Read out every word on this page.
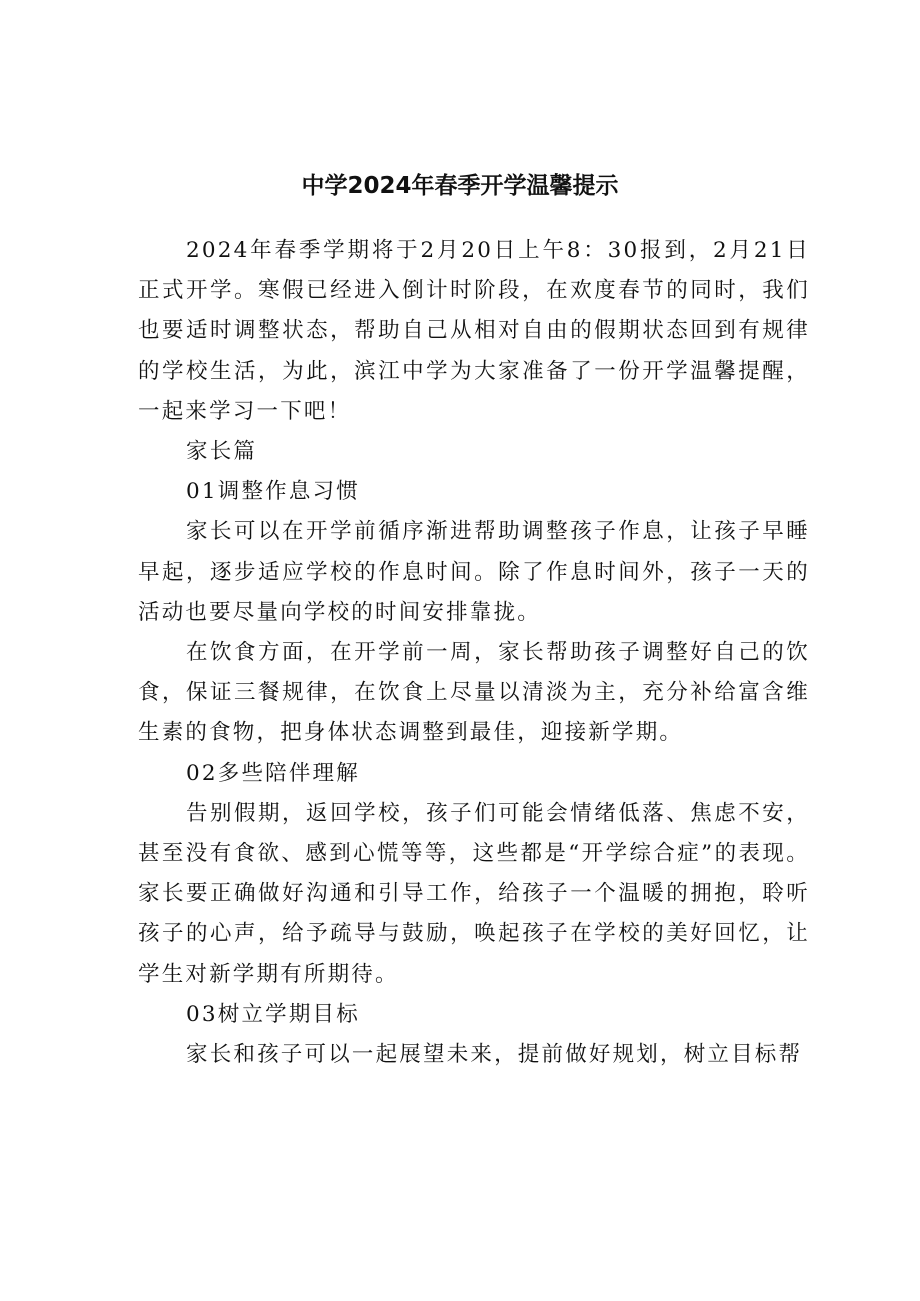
中学2024年春季开学温馨提示

2024年春季学期将于2月20日上午8：30报到，2月21日正式开学。寒假已经进入倒计时阶段，在欢度春节的同时，我们也要适时调整状态，帮助自己从相对自由的假期状态回到有规律的学校生活，为此，滨江中学为大家准备了一份开学温馨提醒，一起来学习一下吧！

家长篇

01调整作息习惯

家长可以在开学前循序渐进帮助调整孩子作息，让孩子早睡早起，逐步适应学校的作息时间。除了作息时间外，孩子一天的活动也要尽量向学校的时间安排靠拢。

在饮食方面，在开学前一周，家长帮助孩子调整好自己的饮食，保证三餐规律，在饮食上尽量以清淡为主，充分补给富含维生素的食物，把身体状态调整到最佳，迎接新学期。

02多些陪伴理解

告别假期，返回学校，孩子们可能会情绪低落、焦虑不安，甚至没有食欲、感到心慌等等，这些都是“开学综合症”的表现。家长要正确做好沟通和引导工作，给孩子一个温暖的拥抱，聆听孩子的心声，给予疏导与鼓励，唤起孩子在学校的美好回忆，让学生对新学期有所期待。

03树立学期目标

家长和孩子可以一起展望未来，提前做好规划，树立目标帮
